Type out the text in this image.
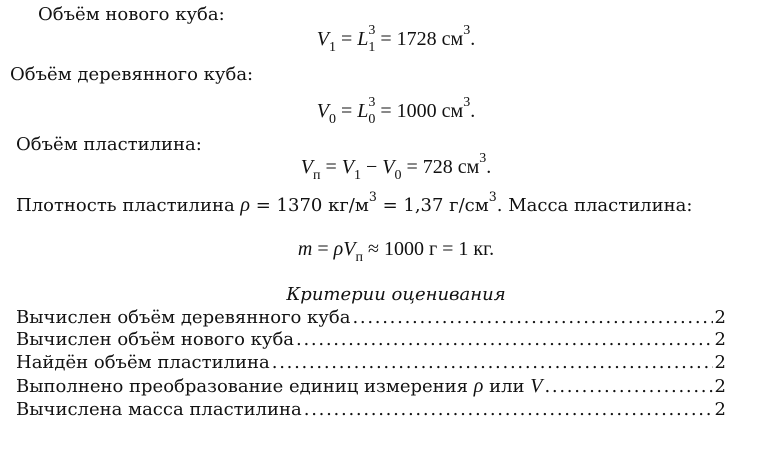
Объём нового куба:
$V_1 = L^3_1 = 1728$ $см^3$.
Объём деревянного куба:
$V_0 = L^3_0 = 1000$ $см^3$.
Объём пластилина:
$V_п = V_1 - V_0 = 728$ $см^3$.
Плотность пластилина ρ = 1370 $кг/м^3 = 1,37$ $г/см^3$. Масса пластилина:
$m = \rho V_п \approx 1000$ г = 1 кг.
Критерии оценивания
Вычислен объём деревянного куба . . .	2
Вычислен объём нового куба . . .	2
Найдён объём пластилина . . .	2
Выполнено преобразование единиц измерения ρ или V . . .	2
Вычислена масса пластилина . . .	2
